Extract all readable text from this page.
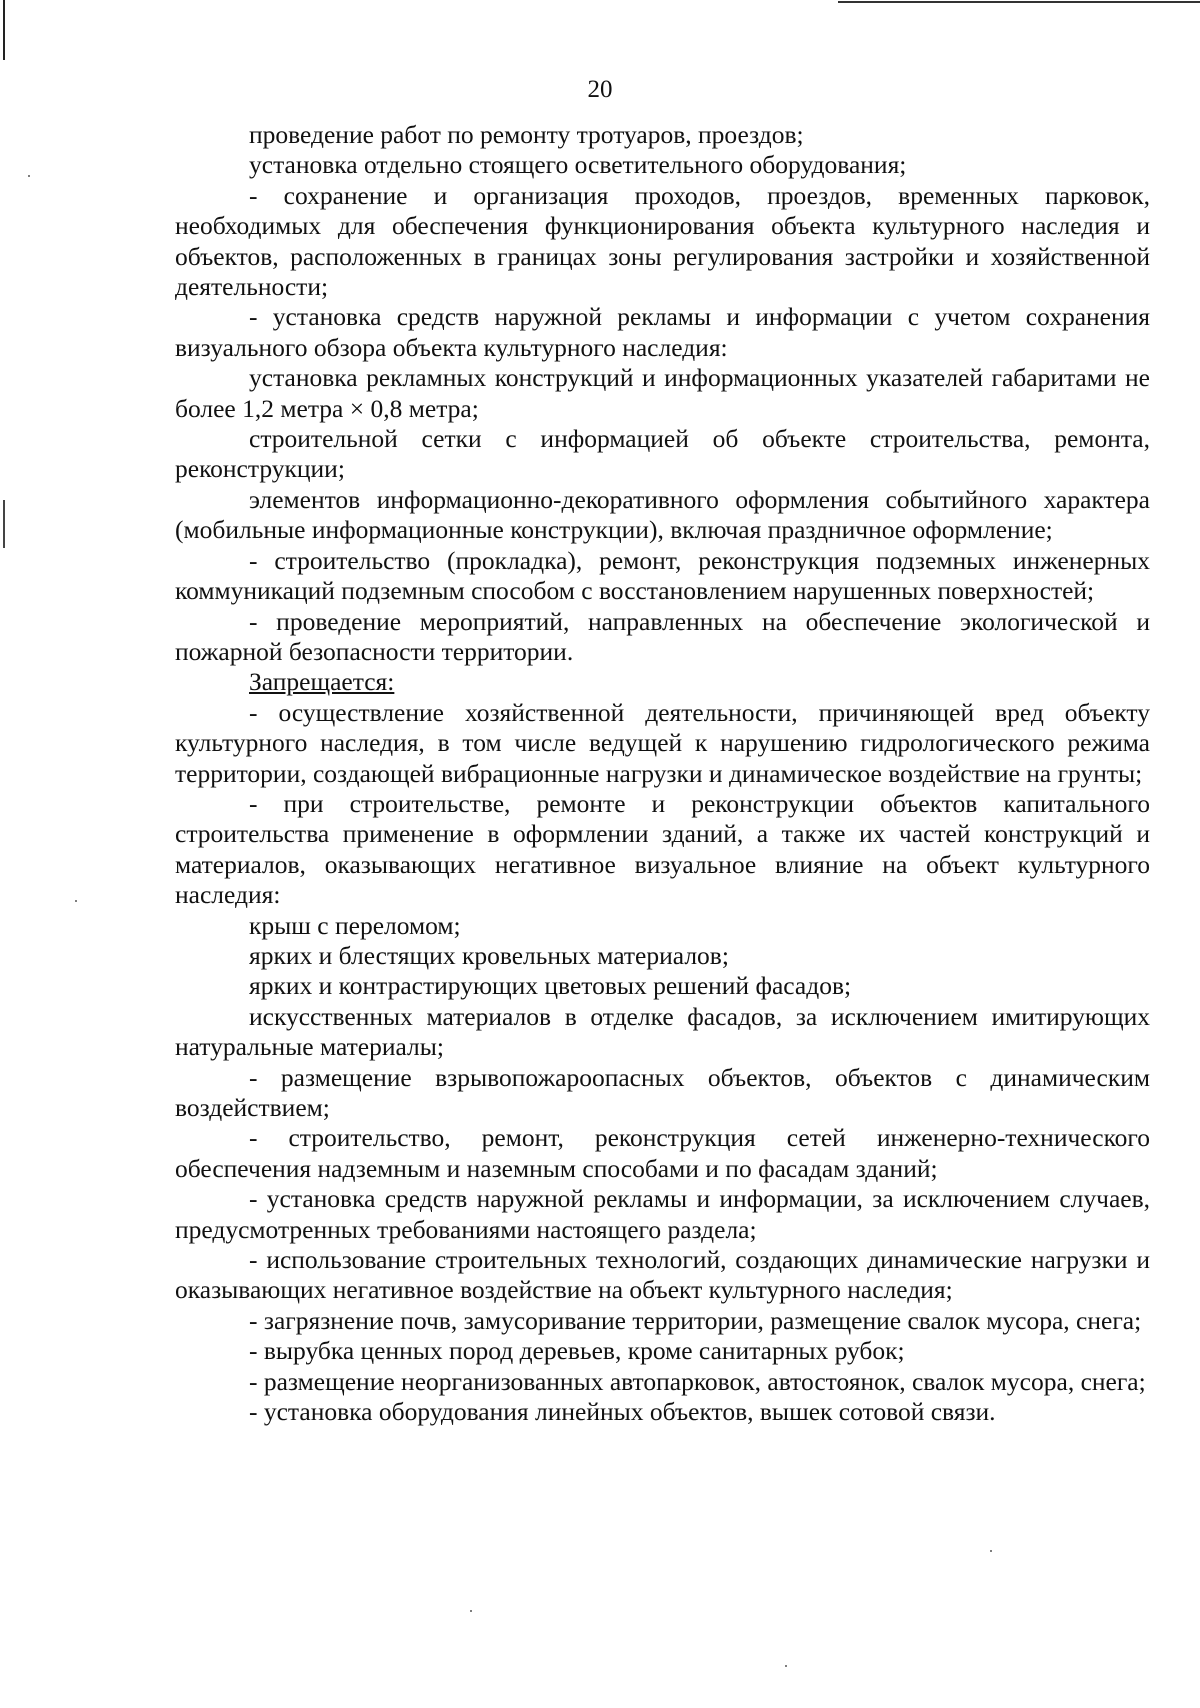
20

проведение работ по ремонту тротуаров, проездов;

установка отдельно стоящего осветительного оборудования;

- сохранение и организация проходов, проездов, временных парковок, необходимых для обеспечения функционирования объекта культурного наследия и объектов, расположенных в границах зоны регулирования застройки и хозяйственной деятельности;

- установка средств наружной рекламы и информации с учетом сохранения визуального обзора объекта культурного наследия:

установка рекламных конструкций и информационных указателей габаритами не более 1,2 метра × 0,8 метра;

строительной сетки с информацией об объекте строительства, ремонта, реконструкции;

элементов информационно-декоративного оформления событийного характера (мобильные информационные конструкции), включая праздничное оформление;

- строительство (прокладка), ремонт, реконструкция подземных инженерных коммуникаций подземным способом с восстановлением нарушенных поверхностей;

- проведение мероприятий, направленных на обеспечение экологической и пожарной безопасности территории.

Запрещается:

- осуществление хозяйственной деятельности, причиняющей вред объекту культурного наследия, в том числе ведущей к нарушению гидрологического режима территории, создающей вибрационные нагрузки и динамическое воздействие на грунты;

- при строительстве, ремонте и реконструкции объектов капитального строительства применение в оформлении зданий, а также их частей конструкций и материалов, оказывающих негативное визуальное влияние на объект культурного наследия:

крыш с переломом;

ярких и блестящих кровельных материалов;

ярких и контрастирующих цветовых решений фасадов;

искусственных материалов в отделке фасадов, за исключением имитирующих натуральные материалы;

- размещение взрывопожароопасных объектов, объектов с динамическим воздействием;

- строительство, ремонт, реконструкция сетей инженерно-технического обеспечения надземным и наземным способами и по фасадам зданий;

- установка средств наружной рекламы и информации, за исключением случаев, предусмотренных требованиями настоящего раздела;

- использование строительных технологий, создающих динамические нагрузки и оказывающих негативное воздействие на объект культурного наследия;

- загрязнение почв, замусоривание территории, размещение свалок мусора, снега;

- вырубка ценных пород деревьев, кроме санитарных рубок;

- размещение неорганизованных автопарковок, автостоянок, свалок мусора, снега;

- установка оборудования линейных объектов, вышек сотовой связи.
